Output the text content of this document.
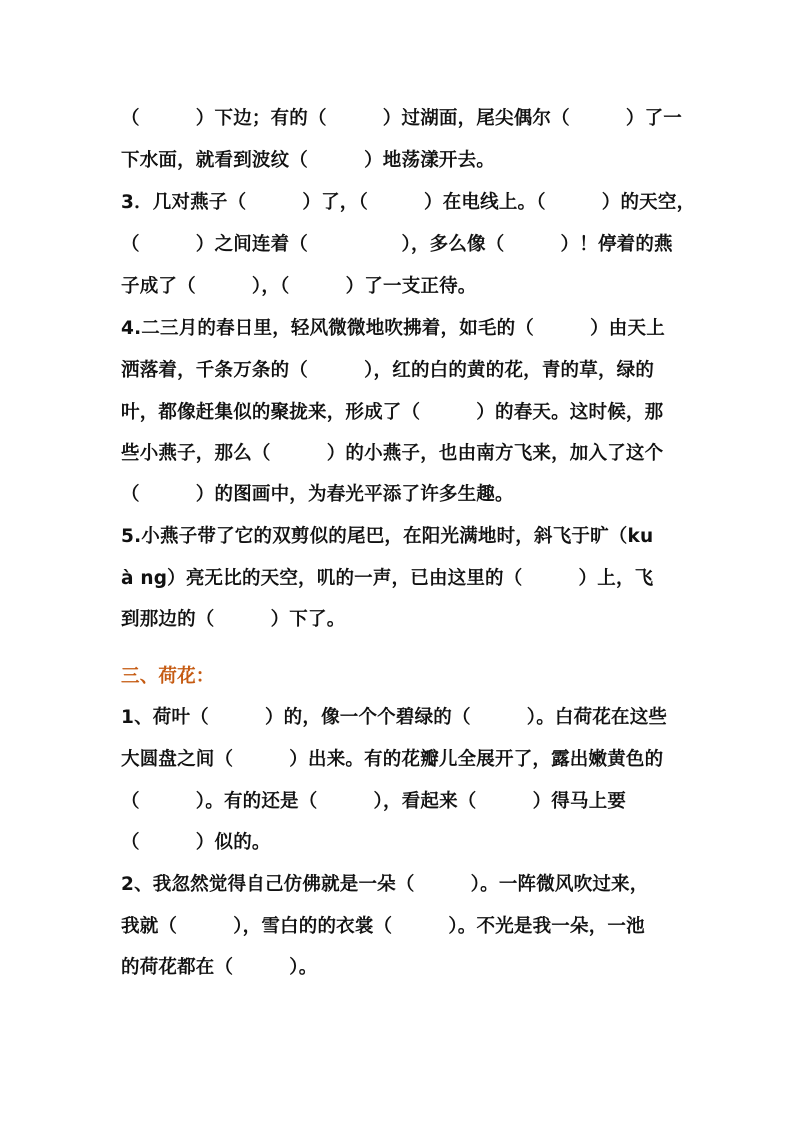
（　　　）下边；有的（　　　）过湖面，尾尖偶尔（　　　）了一
下水面，就看到波纹（　　　）地荡漾开去。
3．几对燕子（　　　）了，（　　　）在电线上。（　　　）的天空，
（　　　）之间连着（　　　　　），多么像（　　　）！停着的燕
子成了（　　　），（　　　）了一支正待。
4.二三月的春日里，轻风微微地吹拂着，如毛的（　　　）由天上
洒落着，千条万条的（　　　），红的白的黄的花，青的草，绿的
叶，都像赶集似的聚拢来，形成了（　　　）的春天。这时候，那
些小燕子，那么（　　　）的小燕子，也由南方飞来，加入了这个
（　　　）的图画中，为春光平添了许多生趣。
5.小燕子带了它的双剪似的尾巴，在阳光满地时，斜飞于旷（ku
à ng）亮无比的天空，叽的一声，已由这里的（　　　）上，飞
到那边的（　　　）下了。
三、荷花：
1、荷叶（　　　）的，像一个个碧绿的（　　　）。白荷花在这些
大圆盘之间（　　　）出来。有的花瓣儿全展开了，露出嫩黄色的
（　　　）。有的还是（　　　），看起来（　　　）得马上要
（　　　）似的。
2、我忽然觉得自己仿佛就是一朵（　　　）。一阵微风吹过来，
我就（　　　），雪白的的衣裳（　　　）。不光是我一朵，一池
的荷花都在（　　　）。
